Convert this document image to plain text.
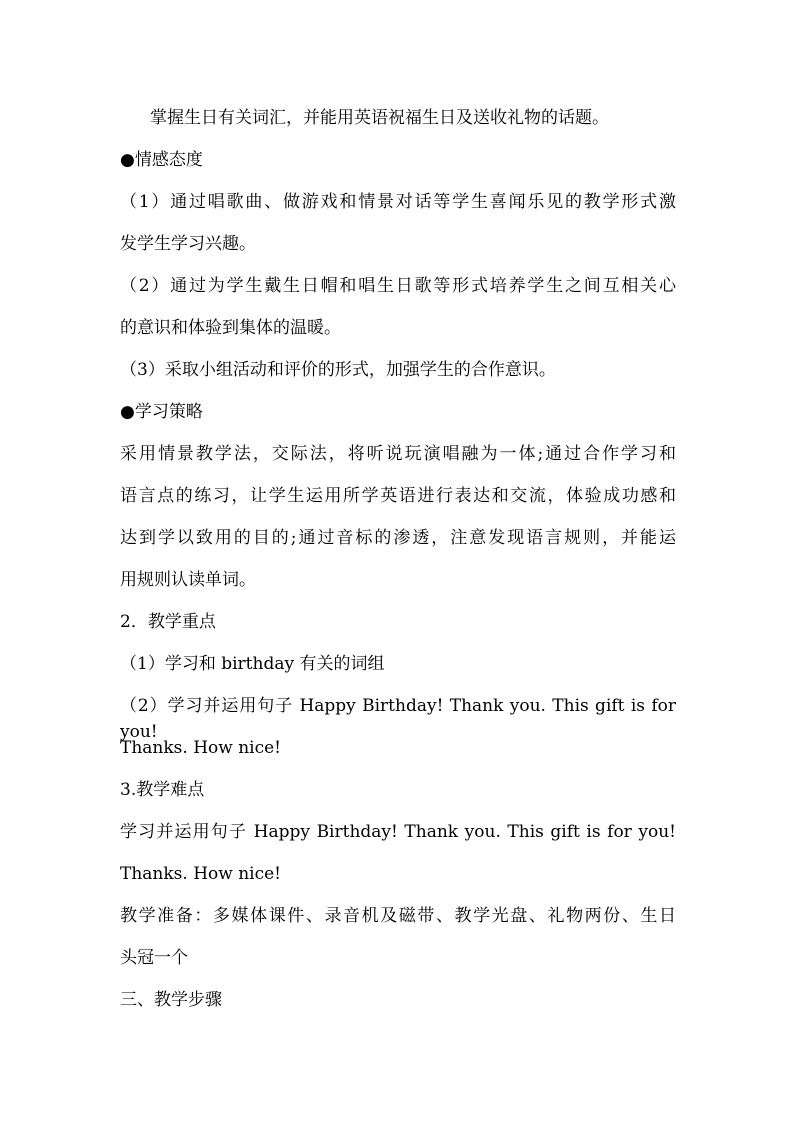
掌握生日有关词汇，并能用英语祝福生日及送收礼物的话题。
●情感态度
（1）通过唱歌曲、做游戏和情景对话等学生喜闻乐见的教学形式激
发学生学习兴趣。
（2）通过为学生戴生日帽和唱生日歌等形式培养学生之间互相关心
的意识和体验到集体的温暖。
（3）采取小组活动和评价的形式，加强学生的合作意识。
●学习策略
采用情景教学法，交际法，将听说玩演唱融为一体;通过合作学习和
语言点的练习，让学生运用所学英语进行表达和交流，体验成功感和
达到学以致用的目的;通过音标的渗透，注意发现语言规则，并能运
用规则认读单词。
2．教学重点
（1）学习和 birthday 有关的词组
（2）学习并运用句子 Happy Birthday! Thank you. This gift is for you!
Thanks. How nice!
3.教学难点
学习并运用句子 Happy Birthday! Thank you. This gift is for you!
Thanks. How nice!
教学准备：多媒体课件、录音机及磁带、教学光盘、礼物两份、生日
头冠一个
三、教学步骤
